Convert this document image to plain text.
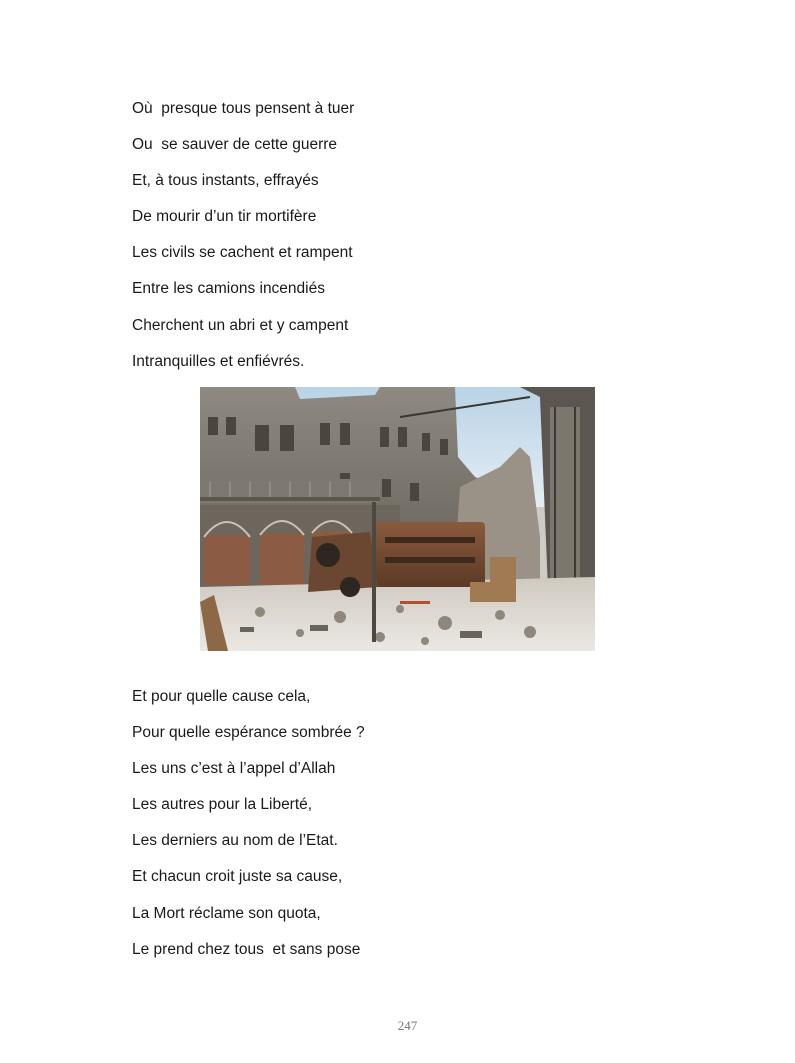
Où  presque tous pensent à tuer
Ou  se sauver de cette guerre
Et, à tous instants, effrayés
De mourir d’un tir mortifère
Les civils se cachent et rampent
Entre les camions incendiés
Cherchent un abri et y campent
Intranquilles et enfiévrés.
Et pour quelle cause cela,
Pour quelle espérance sombrée ?
Les uns c’est à l’appel d’Allah
Les autres pour la Liberté,
Les derniers au nom de l’Etat.
Et chacun croit juste sa cause,
La Mort réclame son quota,
Le prend chez tous  et sans pose
247
